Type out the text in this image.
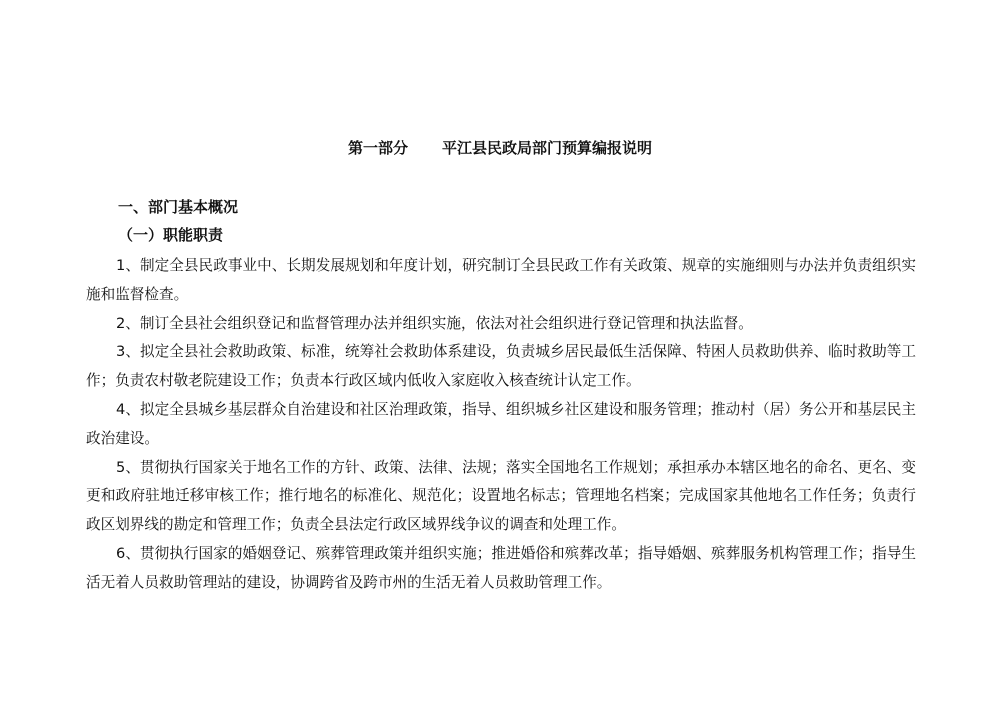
第一部分 平江县民政局部门预算编报说明
一、部门基本概况
（一）职能职责

1、制定全县民政事业中、长期发展规划和年度计划，研究制订全县民政工作有关政策、规章的实施细则与办法并负责组织实施和监督检查。

2、制订全县社会组织登记和监督管理办法并组织实施，依法对社会组织进行登记管理和执法监督。

3、拟定全县社会救助政策、标准，统筹社会救助体系建设，负责城乡居民最低生活保障、特困人员救助供养、临时救助等工作；负责农村敬老院建设工作；负责本行政区域内低收入家庭收入核查统计认定工作。

4、拟定全县城乡基层群众自治建设和社区治理政策，指导、组织城乡社区建设和服务管理；推动村（居）务公开和基层民主政治建设。

5、贯彻执行国家关于地名工作的方针、政策、法律、法规；落实全国地名工作规划；承担承办本辖区地名的命名、更名、变更和政府驻地迁移审核工作；推行地名的标准化、规范化；设置地名标志；管理地名档案；完成国家其他地名工作任务；负责行政区划界线的勘定和管理工作；负责全县法定行政区域界线争议的调查和处理工作。

6、贯彻执行国家的婚姻登记、殡葬管理政策并组织实施；推进婚俗和殡葬改革；指导婚姻、殡葬服务机构管理工作；指导生活无着人员救助管理站的建设，协调跨省及跨市州的生活无着人员救助管理工作。
